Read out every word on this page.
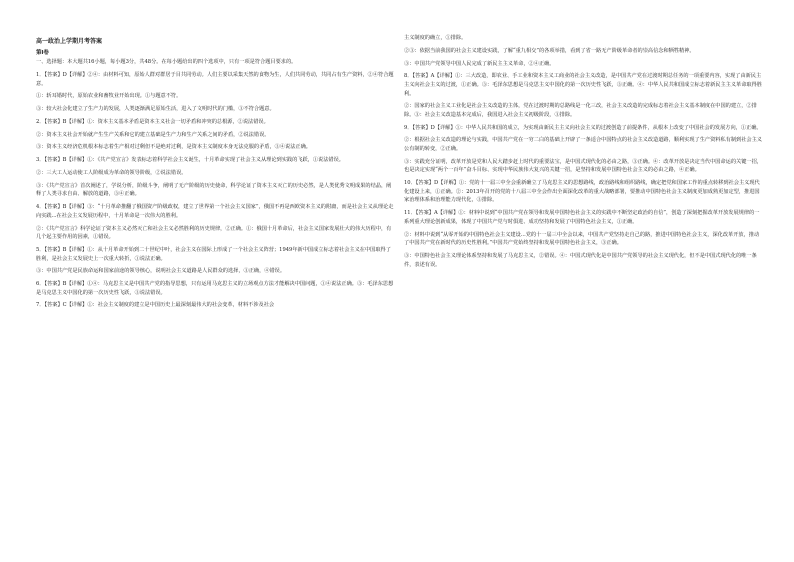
高一政治上学期月考答案
第Ⅰ卷
一、选择题：本大题共16小题，每小题3分，共48分。在每小题给出的四个选项中，只有一项是符合题目要求的。
1．【答案】D【详解】②④：由材料可知，原始人群对群居于目共同劳动。人们主要以采集天然的食物为生，人们共同劳动，共同占有生产资料，②④符合题意。
①：斩耳婚时代，原始农业和畜牧业开始出现。①与题意不符。
③：较大社会化建立了生产力的发展，人类逐渐满足原始生活，进入了文明时代的门槛，③不符合题意。
2．【答案】B【详解】①：资本主义基本矛盾是资本主义社会一切矛盾和冲突的总根源，②说法错误。
②：资本主义社会开始就产生生产关系和它的建立基础是生产力和生产关系之间的矛盾，②说法错误。
③：资本主义经济危机根本标志着生产相对过剩但不是绝对过剩，是资本主义制度本身无法克服的矛盾，③④说法正确。
3．【答案】B【详解】①：《共产党宣言》发表标志着科学社会主义诞生，十月革命实现了社会主义从理论到实践的飞跃，①说法错误。
②：三大工人运动使工人阶级成为革命的领导阶级，②说法错误。
③：《共产党宣言》首次阐述了，学说分析，阶级斗争，阐明了无产阶级的历史使命，科学论证了资本主义灭亡的历史必然，是人类优秀文明成果的结晶，阐释了人类寻求自由、解放的道路，③④正确。
4．【答案】B【详解】③：“十月革命推翻了俄国资产阶级政权，建立了世界第一个社会主义国家”，俄国不再是西欧资本主义的附庸，而是社会主义从理论走向实践...在社会主义发展历程中，十月革命是一次伟大的胜利。
②：《共产党宣言》科学论证了资本主义必然灭亡和社会主义必然胜利的历史规律，②正确。①：俄国十月革命后，社会主义国家发展壮大的伟大历程中，有几个起主要作用的因素，①错误。
5．【答案】B【详解】①：从十月革命开始到二十世纪中叶，社会主义在国际上形成了一个社会主义阵营；1949年新中国成立标志着社会主义在中国取得了胜利，是社会主义发展史上一次重大转折，①说法正确。
③：中国共产党是民族命运和国家前途的领导核心，说明社会主义道路是人民群众的选择，③正确，④错误。
6．【答案】B【详解】①④：马克思主义是中国共产党的指导思想，只有运用马克思主义的立场观点方法才能解决中国问题，①④说法正确。③：毛泽东思想是马克思主义中国化的第一次历史性飞跃，③说法错误。
7．【答案】C【详解】①：社会主义制度的建立是中国历史上最深刻最伟大的社会变革，材料不涉及社会
主义制度的确立，①排除。
②③：依据当前我国的社会主义建设实践，了解“重九相交”的各项举措，看到了省一路无产阶级革命者的崇高信念和牺牲精神。
③：中国共产党领导中国人民完成了新民主主义革命，②④正确。
8．【答案】A【详解】①：三大改造，即农业、手工业和资本主义工商业的社会主义改造，是中国共产党在过渡时期总任务的一项重要内容，实现了由新民主主义向社会主义的过渡，①正确。③：毛泽东思想是马克思主义中国化的第一次历史性飞跃，③正确。④：中华人民共和国成立标志着新民主主义革命取得胜利。
②：国家的社会主义工业化是社会主义改造的主体，党在过渡时期的总路线是一化三改，社会主义改造的完成标志着社会主义基本制度在中国的建立，②排除。③：社会主义改造基本完成后，我国进入社会主义初级阶段，③排除。
9．【答案】D【详解】①：中华人民共和国的成立，为实现由新民主主义向社会主义的过渡创造了前提条件，从根本上改变了中国社会的发展方向，①正确。
②：根据社会主义改造的理论与实践，中国共产党在一穷二白的基础上开辟了一条适合中国特点的社会主义改造道路，顺利实现了生产资料私有制到社会主义公有制的转变，②正确。
③：实践充分证明，改革开放是党和人民大踏步赶上时代的重要法宝，是中国式现代化的必由之路，③正确。④：改革开放是决定当代中国命运的关键一招，也是决定实现“两个一百年”奋斗目标、实现中华民族伟大复兴的关键一招，是坚持和发展中国特色社会主义的必由之路，④正确。
10．【答案】D【详解】①：党的十一届三中全会重新确立了马克思主义的思想路线，政治路线和组织路线，确定把党和国家工作的重点转移到社会主义现代化建设上来，①正确。②：2013年召开的党的十八届三中全会作出全面深化改革的重大战略部署，要推动中国特色社会主义制度更加成熟更加定型，推进国家治理体系和治理能力现代化，③排除。
11．【答案】A【详解】①：材料中说到“中国共产党在领导和发展中国特色社会主义的实践中不断坚定政治的自信”，创造了深刻把握改革开放发展规律的一系列重大理论创新成果，体现了中国共产党与时俱进、成功坚持和发展了中国特色社会主义，①正确。
②：材料中说到“从零开始的中国特色社会主义建设...党的十一届三中全会以来，中国共产党坚持走自己的路，推进中国特色社会主义，深化改革开放，推动了中国共产党在新时代的历史性胜利。”中国共产党始终坚持和发展中国特色社会主义，③正确。
③：中国特色社会主义理论体系坚持和发展了马克思主义，②错误。④：中国式现代化是中国共产党领导的社会主义现代化，但不是中国式现代化的唯一条件，表述有误。
